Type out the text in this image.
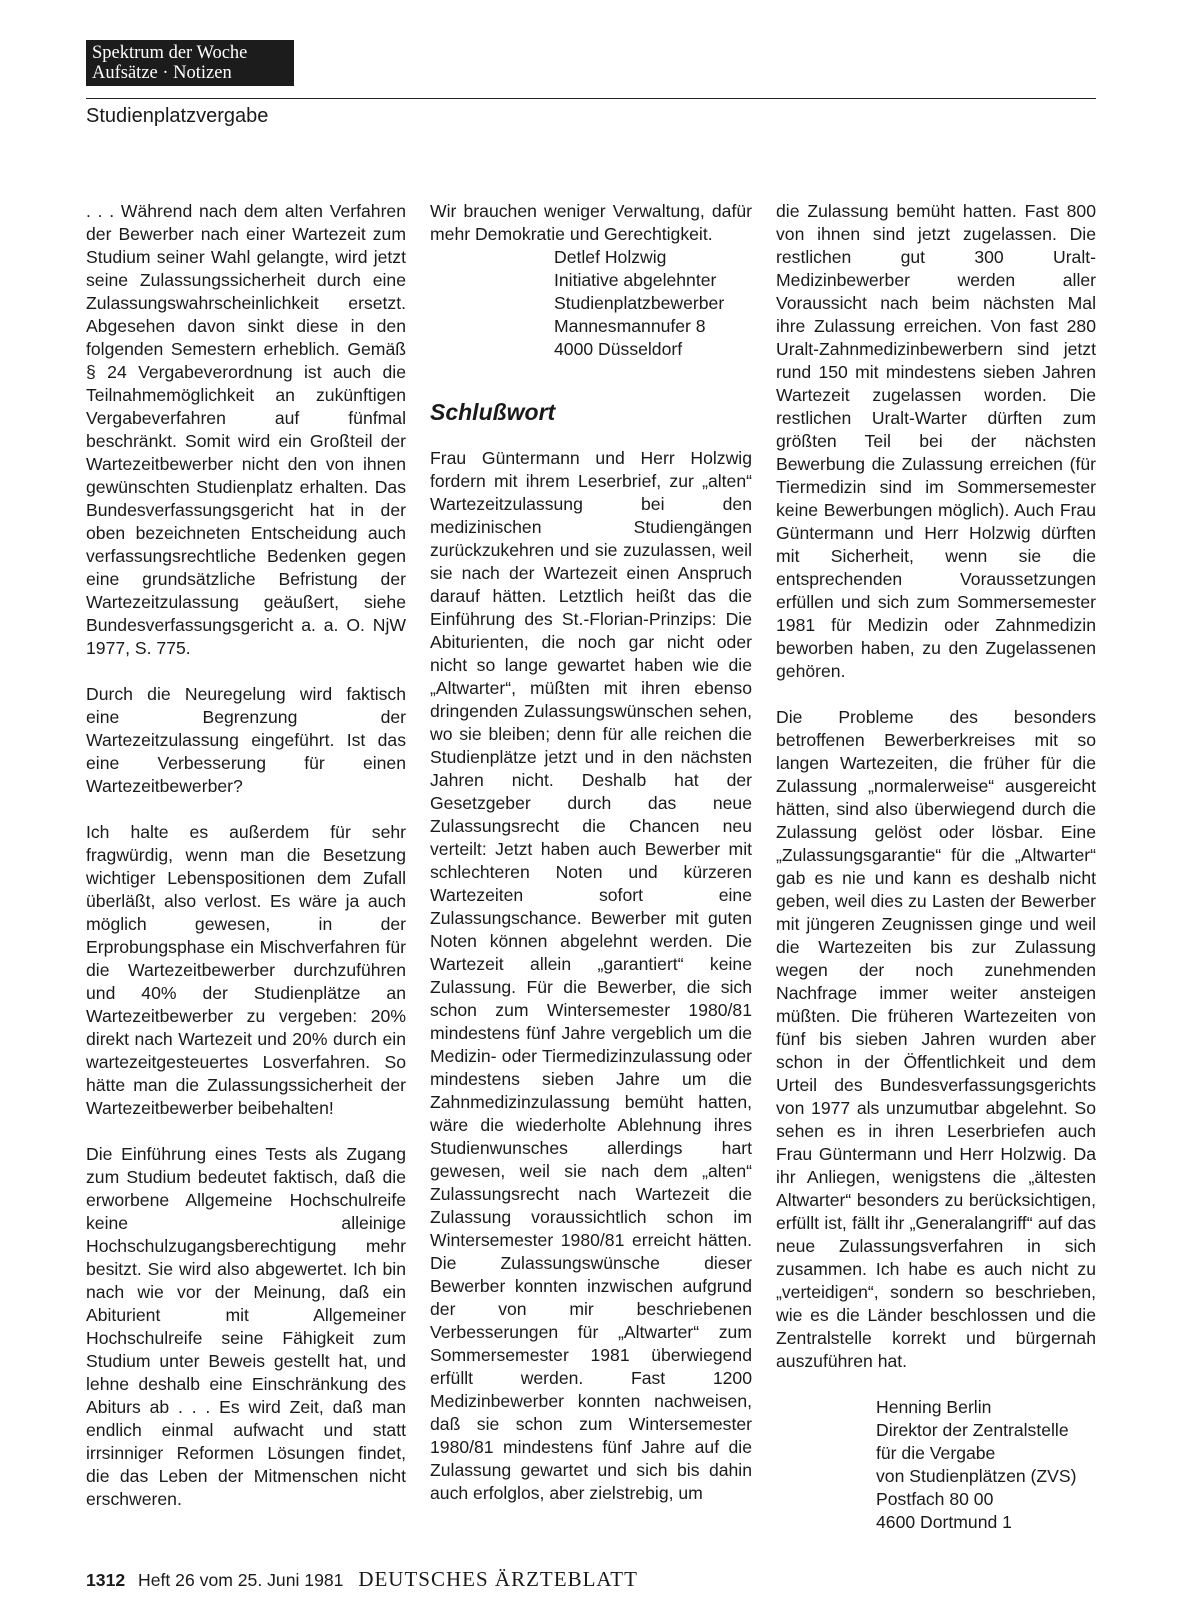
Spektrum der Woche
Aufsätze · Notizen
Studienplatzvergabe

. . . Während nach dem alten Verfahren der Bewerber nach einer Wartezeit zum Studium seiner Wahl gelangte, wird jetzt seine Zulassungssicherheit durch eine Zulassungswahrscheinlichkeit ersetzt. Abgesehen davon sinkt diese in den folgenden Semestern erheblich. Gemäß § 24 Vergabeverordnung ist auch die Teilnahmemöglichkeit an zukünftigen Vergabeverfahren auf fünfmal beschränkt. Somit wird ein Großteil der Wartezeitbewerber nicht den von ihnen gewünschten Studienplatz erhalten. Das Bundesverfassungsgericht hat in der oben bezeichneten Entscheidung auch verfassungsrechtliche Bedenken gegen eine grundsätzliche Befristung der Wartezeitzulassung geäußert, siehe Bundesverfassungsgericht a. a. O. NjW 1977, S. 775.

Durch die Neuregelung wird faktisch eine Begrenzung der Wartezeitzulassung eingeführt. Ist das eine Verbesserung für einen Wartezeitbewerber?

Ich halte es außerdem für sehr fragwürdig, wenn man die Besetzung wichtiger Lebenspositionen dem Zufall überläßt, also verlost. Es wäre ja auch möglich gewesen, in der Erprobungsphase ein Mischverfahren für die Wartezeitbewerber durchzuführen und 40% der Studienplätze an Wartezeitbewerber zu vergeben: 20% direkt nach Wartezeit und 20% durch ein wartezeitgesteuertes Losverfahren. So hätte man die Zulassungssicherheit der Wartezeitbewerber beibehalten!

Die Einführung eines Tests als Zugang zum Studium bedeutet faktisch, daß die erworbene Allgemeine Hochschulreife keine alleinige Hochschulzugangsberechtigung mehr besitzt. Sie wird also abgewertet. Ich bin nach wie vor der Meinung, daß ein Abiturient mit Allgemeiner Hochschulreife seine Fähigkeit zum Studium unter Beweis gestellt hat, und lehne deshalb eine Einschränkung des Abiturs ab . . . Es wird Zeit, daß man endlich einmal aufwacht und statt irrsinniger Reformen Lösungen findet, die das Leben der Mitmenschen nicht erschweren.

Wir brauchen weniger Verwaltung, dafür mehr Demokratie und Gerechtigkeit.

Detlef Holzwig
Initiative abgelehnter
Studienplatzbewerber
Mannesmannufer 8
4000 Düsseldorf
Schlußwort

Frau Güntermann und Herr Holzwig fordern mit ihrem Leserbrief, zur „alten“ Wartezeitzulassung bei den medizinischen Studiengängen zurückzukehren und sie zuzulassen, weil sie nach der Wartezeit einen Anspruch darauf hätten. Letztlich heißt das die Einführung des St.-Florian-Prinzips: Die Abiturienten, die noch gar nicht oder nicht so lange gewartet haben wie die „Altwarter“, müßten mit ihren ebenso dringenden Zulassungswünschen sehen, wo sie bleiben; denn für alle reichen die Studienplätze jetzt und in den nächsten Jahren nicht. Deshalb hat der Gesetzgeber durch das neue Zulassungsrecht die Chancen neu verteilt: Jetzt haben auch Bewerber mit schlechteren Noten und kürzeren Wartezeiten sofort eine Zulassungschance. Bewerber mit guten Noten können abgelehnt werden. Die Wartezeit allein „garantiert“ keine Zulassung. Für die Bewerber, die sich schon zum Wintersemester 1980/81 mindestens fünf Jahre vergeblich um die Medizin- oder Tiermedizinzulassung oder mindestens sieben Jahre um die Zahnmedizinzulassung bemüht hatten, wäre die wiederholte Ablehnung ihres Studienwunsches allerdings hart gewesen, weil sie nach dem „alten“ Zulassungsrecht nach Wartezeit die Zulassung voraussichtlich schon im Wintersemester 1980/81 erreicht hätten. Die Zulassungswünsche dieser Bewerber konnten inzwischen aufgrund der von mir beschriebenen Verbesserungen für „Altwarter“ zum Sommersemester 1981 überwiegend erfüllt werden. Fast 1200 Medizinbewerber konnten nachweisen, daß sie schon zum Wintersemester 1980/81 mindestens fünf Jahre auf die Zulassung gewartet und sich bis dahin auch erfolglos, aber zielstrebig, um

die Zulassung bemüht hatten. Fast 800 von ihnen sind jetzt zugelassen. Die restlichen gut 300 Uralt-Medizinbewerber werden aller Voraussicht nach beim nächsten Mal ihre Zulassung erreichen. Von fast 280 Uralt-Zahnmedizinbewerbern sind jetzt rund 150 mit mindestens sieben Jahren Wartezeit zugelassen worden. Die restlichen Uralt-Warter dürften zum größten Teil bei der nächsten Bewerbung die Zulassung erreichen (für Tiermedizin sind im Sommersemester keine Bewerbungen möglich). Auch Frau Güntermann und Herr Holzwig dürften mit Sicherheit, wenn sie die entsprechenden Voraussetzungen erfüllen und sich zum Sommersemester 1981 für Medizin oder Zahnmedizin beworben haben, zu den Zugelassenen gehören.

Die Probleme des besonders betroffenen Bewerberkreises mit so langen Wartezeiten, die früher für die Zulassung „normalerweise“ ausgereicht hätten, sind also überwiegend durch die Zulassung gelöst oder lösbar. Eine „Zulassungsgarantie“ für die „Altwarter“ gab es nie und kann es deshalb nicht geben, weil dies zu Lasten der Bewerber mit jüngeren Zeugnissen ginge und weil die Wartezeiten bis zur Zulassung wegen der noch zunehmenden Nachfrage immer weiter ansteigen müßten. Die früheren Wartezeiten von fünf bis sieben Jahren wurden aber schon in der Öffentlichkeit und dem Urteil des Bundesverfassungsgerichts von 1977 als unzumutbar abgelehnt. So sehen es in ihren Leserbriefen auch Frau Güntermann und Herr Holzwig. Da ihr Anliegen, wenigstens die „ältesten Altwarter“ besonders zu berücksichtigen, erfüllt ist, fällt ihr „Generalangriff“ auf das neue Zulassungsverfahren in sich zusammen. Ich habe es auch nicht zu „verteidigen“, sondern so beschrieben, wie es die Länder beschlossen und die Zentralstelle korrekt und bürgernah auszuführen hat.

Henning Berlin
Direktor der Zentralstelle
für die Vergabe
von Studienplätzen (ZVS)
Postfach 80 00
4600 Dortmund 1
1312 Heft 26 vom 25. Juni 1981 DEUTSCHES ÄRZTEBLATT
